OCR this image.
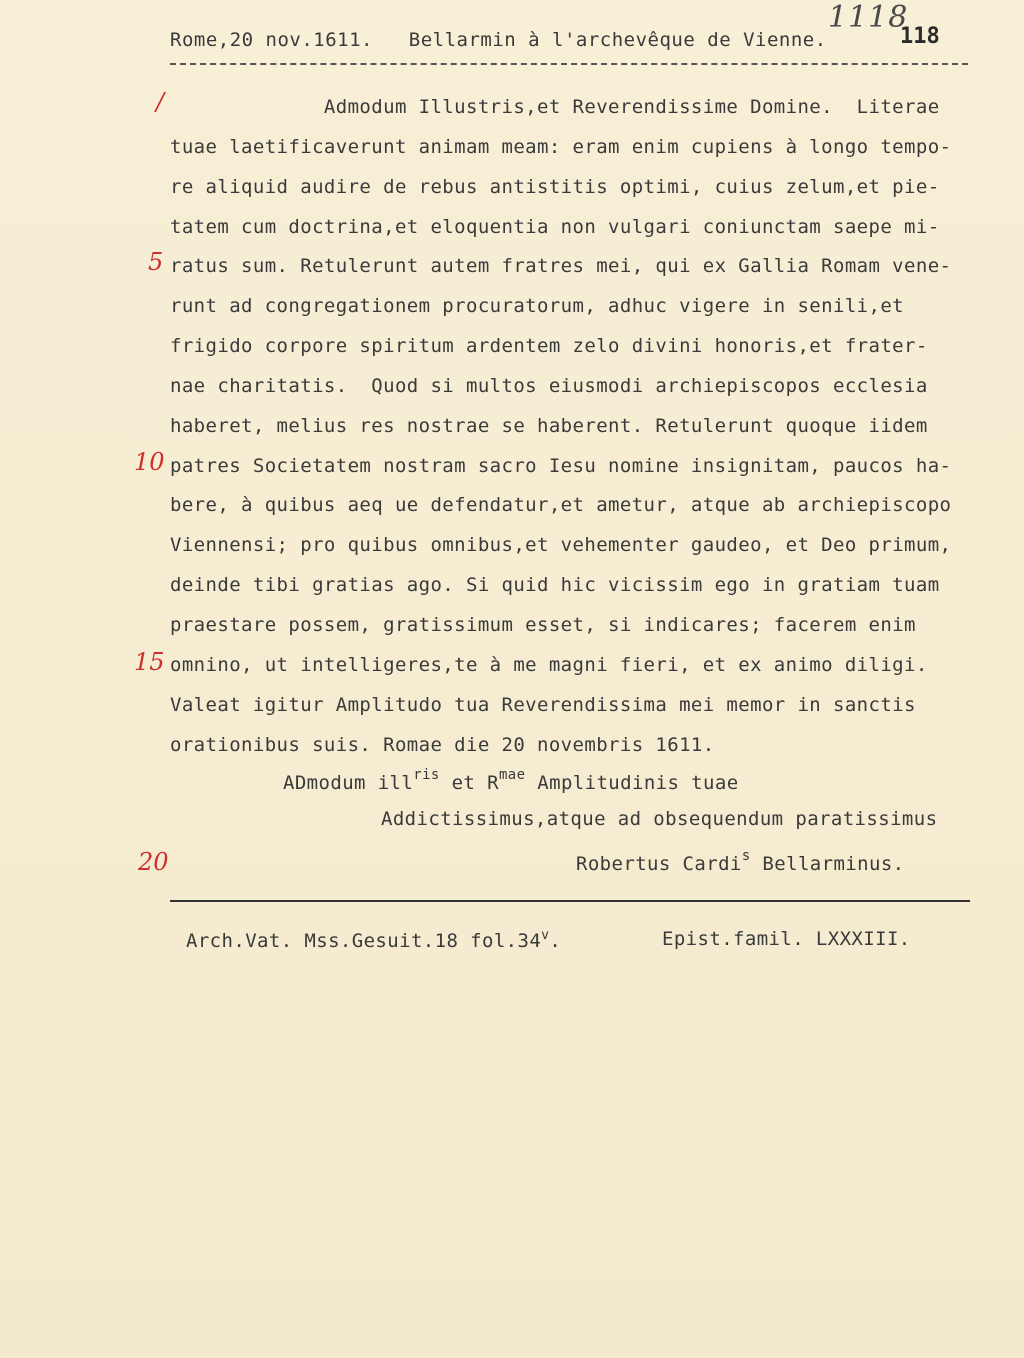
1118
Rome,20 nov.1611.   Bellarmin à l'archevêque de Vienne.	118
Admodum Illustris,et Reverendissime Domine.  Literae
tuae laetificaverunt animam meam: eram enim cupiens à longo tempo-
re aliquid audire de rebus antistitis optimi, cuius zelum,et pie-
tatem cum doctrina,et eloquentia non vulgari coniunctam saepe mi-
ratus sum. Retulerunt autem fratres mei, qui ex Gallia Romam vene-
runt ad congregationem procuratorum, adhuc vigere in senili,et
frigido corpore spiritum ardentem zelo divini honoris,et frater-
nae charitatis.  Quod si multos eiusmodi archiepiscopos ecclesia
haberet, melius res nostrae se haberent. Retulerunt quoque iidem
patres Societatem nostram sacro Iesu nomine insignitam, paucos ha-
bere, à quibus aeq ue defendatur,et ametur, atque ab archiepiscopo
Viennensi; pro quibus omnibus,et vehementer gaudeo, et Deo primum,
deinde tibi gratias ago. Si quid hic vicissim ego in gratiam tuam
praestare possem, gratissimum esset, si indicares; facerem enim
omnino, ut intelligeres,te à me magni fieri, et ex animo diligi.
Valeat igitur Amplitudo tua Reverendissima mei memor in sanctis
orationibus suis. Romae die 20 novembris 1611.
/
5
10
15
20
ADmodum ill$^{ris}$ et $R^{mae}$ Amplitudinis tuae
Addictissimus,atque ad obsequendum paratissimus
Robertus Cardi$^s$ Bellarminus.
Arch.Vat. Mss.Gesuit.18 fol.34$^v$.	Epist.famil. LXXXIII.
